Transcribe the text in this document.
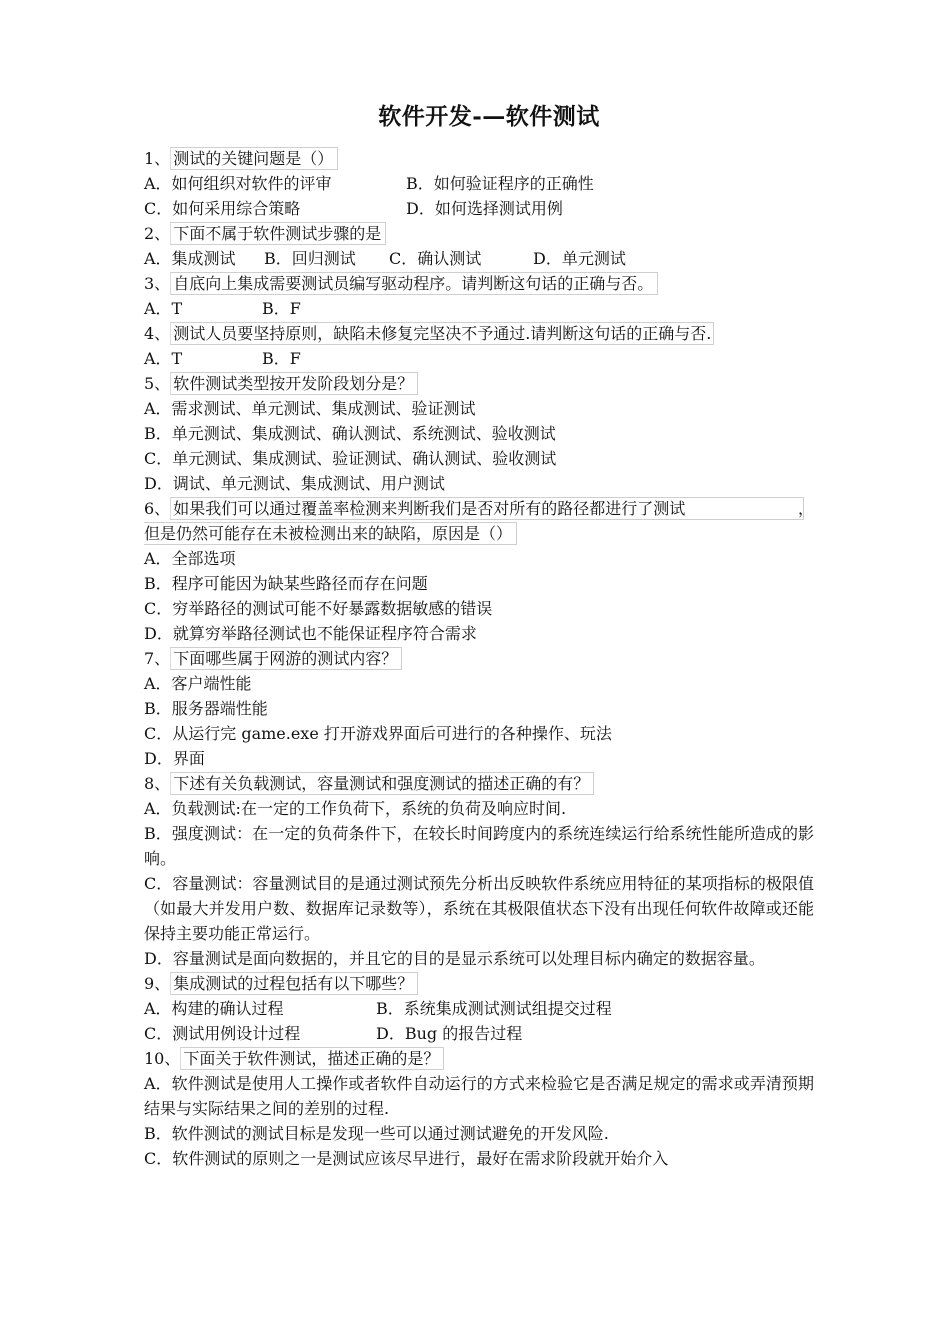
软件开发-—软件测试
1、 测试的关键问题是（）
A．如何组织对软件的评审	B．如何验证程序的正确性
C．如何采用综合策略	D．如何选择测试用例
2、 下面不属于软件测试步骤的是
A．集成测试 B．回归测试 C．确认测试	D．单元测试
3、 自底向上集成需要测试员编写驱动程序。请判断这句话的正确与否。
A．T	B．F
4、 测试人员要坚持原则，缺陷未修复完坚决不予通过.请判断这句话的正确与否.
A．T	B．F
5、 软件测试类型按开发阶段划分是？
A．需求测试、单元测试、集成测试、验证测试
B．单元测试、集成测试、确认测试、系统测试、验收测试
C．单元测试、集成测试、验证测试、确认测试、验收测试
D．调试、单元测试、集成测试、用户测试
6、 如果我们可以通过覆盖率检测来判断我们是否对所有的路径都进行了测试	，
但是仍然可能存在未被检测出来的缺陷，原因是（）
A．全部选项
B．程序可能因为缺某些路径而存在问题
C．穷举路径的测试可能不好暴露数据敏感的错误
D．就算穷举路径测试也不能保证程序符合需求
7、 下面哪些属于网游的测试内容？
A．客户端性能
B．服务器端性能
C．从运行完 game.exe 打开游戏界面后可进行的各种操作、玩法
D．界面
8、 下述有关负载测试，容量测试和强度测试的描述正确的有？
A．负载测试:在一定的工作负荷下，系统的负荷及响应时间.
B．强度测试：在一定的负荷条件下，在较长时间跨度内的系统连续运行给系统性能所造成的影响。
C．容量测试：容量测试目的是通过测试预先分析出反映软件系统应用特征的某项指标的极限值（如最大并发用户数、数据库记录数等），系统在其极限值状态下没有出现任何软件故障或还能保持主要功能正常运行。
D．容量测试是面向数据的，并且它的目的是显示系统可以处理目标内确定的数据容量。
9、 集成测试的过程包括有以下哪些？
A．构建的确认过程	B．系统集成测试测试组提交过程
C．测试用例设计过程	D．Bug 的报告过程
10、 下面关于软件测试，描述正确的是？
A．软件测试是使用人工操作或者软件自动运行的方式来检验它是否满足规定的需求或弄清预期结果与实际结果之间的差别的过程.
B．软件测试的测试目标是发现一些可以通过测试避免的开发风险.
C．软件测试的原则之一是测试应该尽早进行，最好在需求阶段就开始介入
